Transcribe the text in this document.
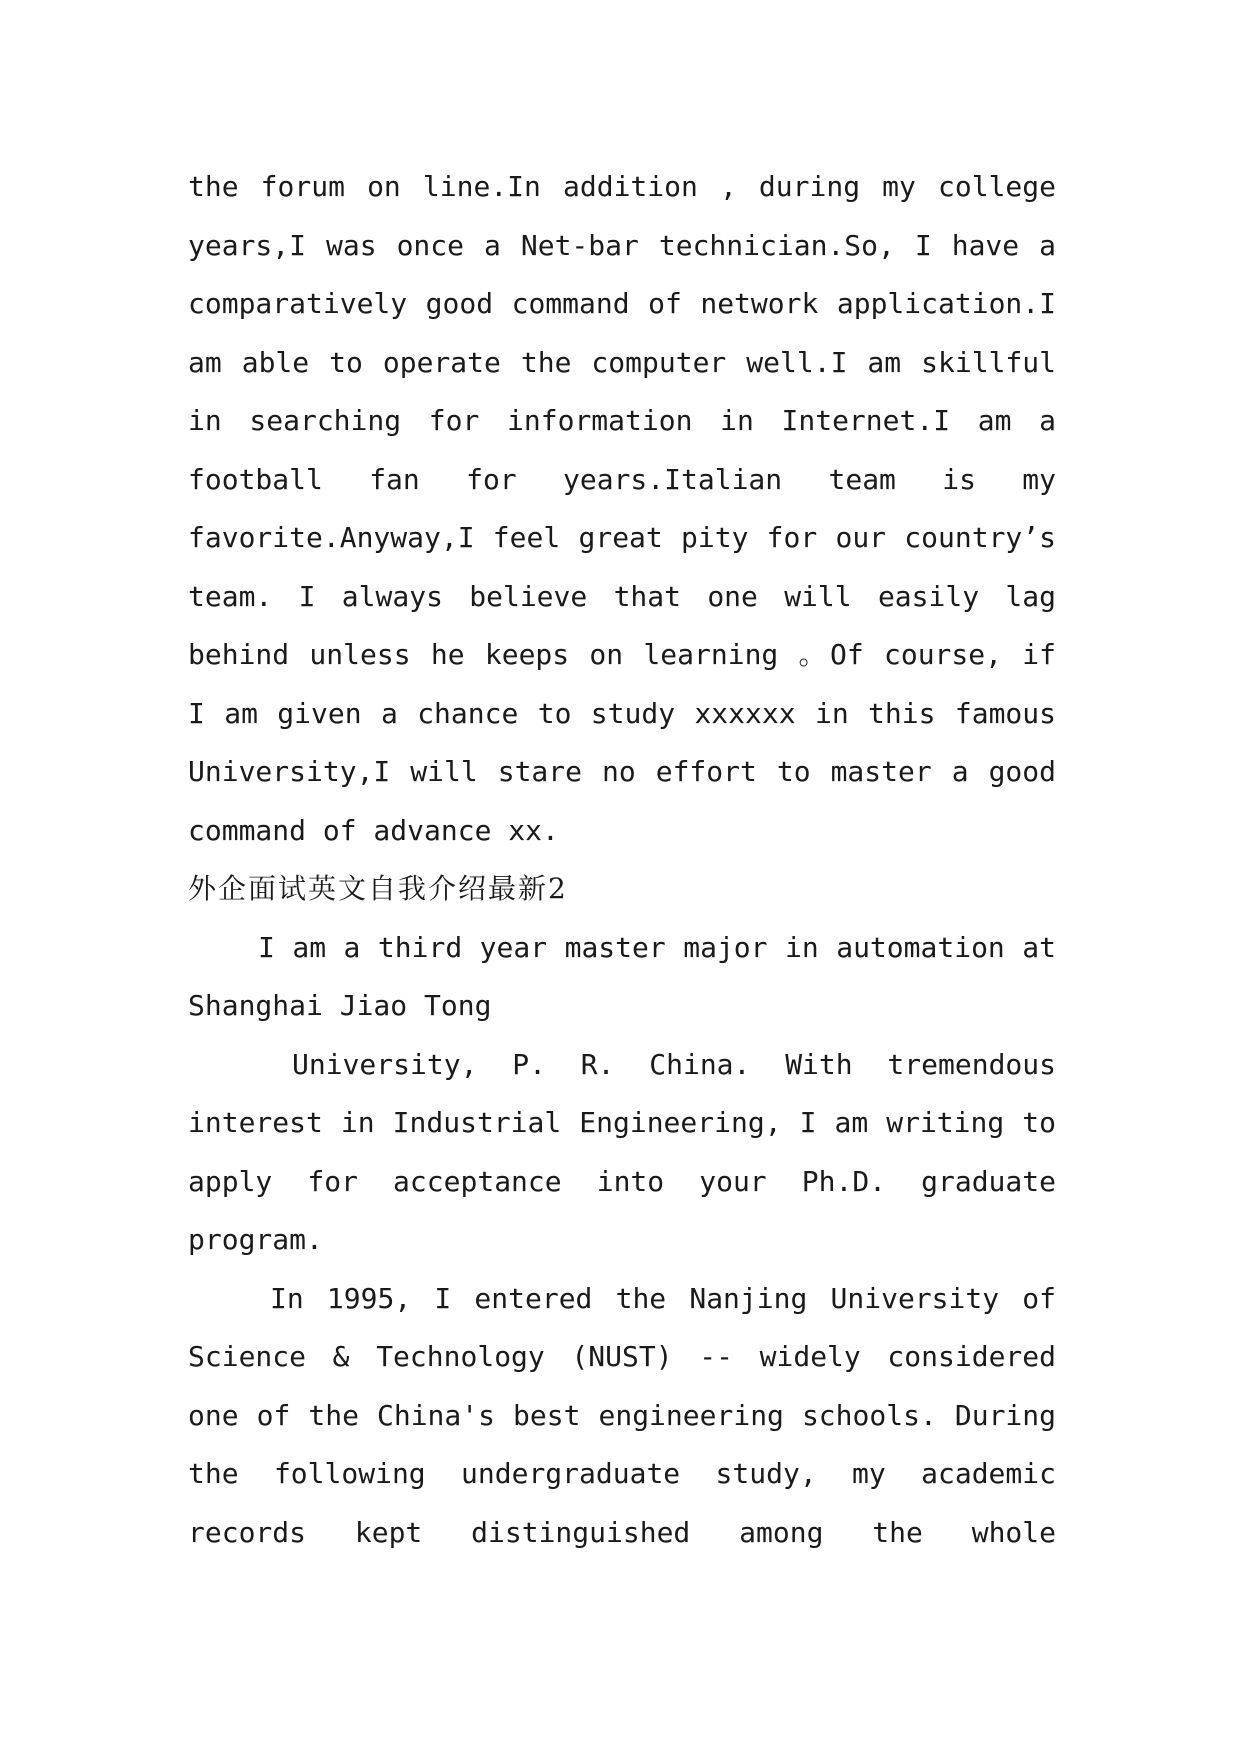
the forum on line.In addition , during my college years,I was once a Net-bar technician.So, I have a comparatively good command of network application.I am able to operate the computer well.I am skillful in searching for information in Internet.I am a football fan for years.Italian team is my favorite.Anyway,I feel great pity for our country’s team. I always believe that one will easily lag behind unless he keeps on learning 。Of course, if I am given a chance to study xxxxxx in this famous University,I will stare no effort to master a good command of advance xx.

外企面试英文自我介绍最新2

I am a third year master major in automation at Shanghai Jiao Tong

University, P. R. China. With tremendous interest in Industrial Engineering, I am writing to apply for acceptance into your Ph.D. graduate program.

In 1995, I entered the Nanjing University of Science & Technology (NUST) -- widely considered one of the China's best engineering schools. During the following undergraduate study, my academic records kept distinguished among the whole
